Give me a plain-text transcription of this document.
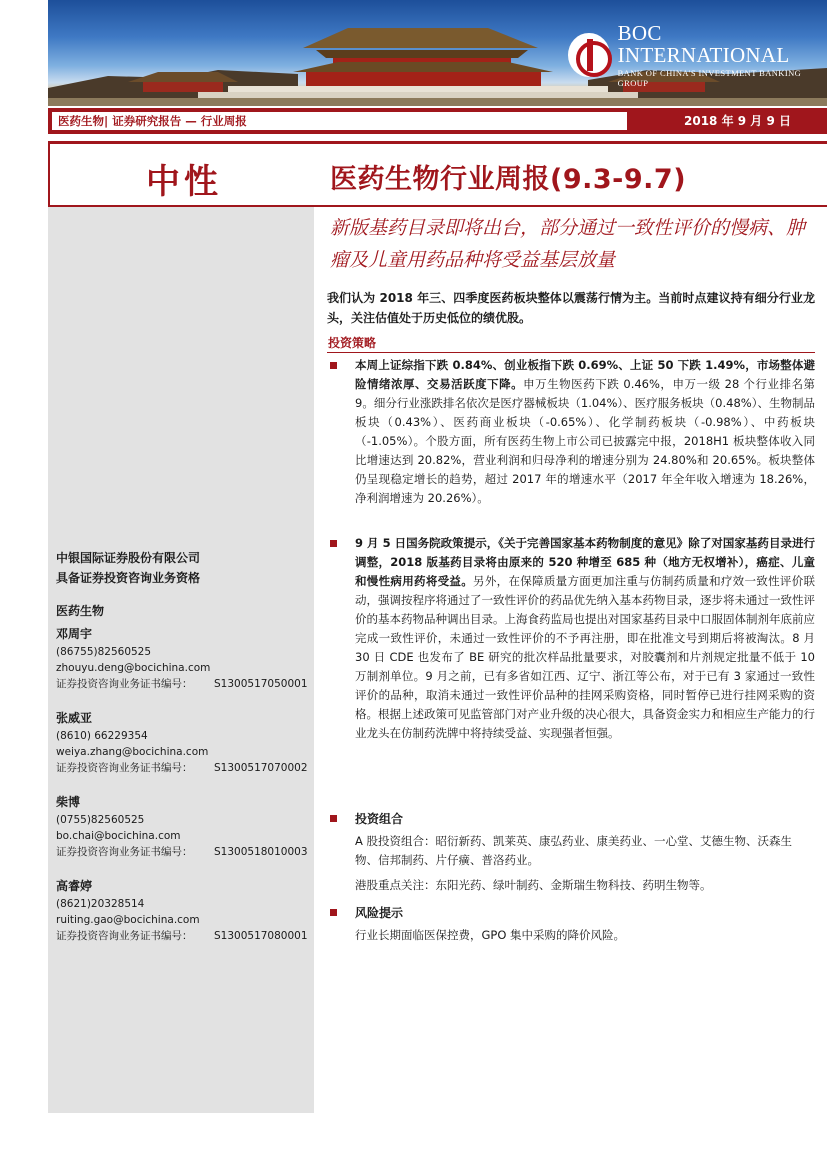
BOC INTERNATIONAL
BANK OF CHINA'S INVESTMENT BANKING GROUP
医药生物| 证券研究报告 — 行业周报	2018 年 9 月 9 日
中性
中银国际证券股份有限公司
具备证券投资咨询业务资格
医药生物
邓周宇
(86755)82560525
zhouyu.deng@bocichina.com
证券投资咨询业务证书编号：	S1300517050001
张威亚
(8610) 66229354
weiya.zhang@bocichina.com
证券投资咨询业务证书编号：	S1300517070002
柴博
(0755)82560525
bo.chai@bocichina.com
证券投资咨询业务证书编号：	S1300518010003
高睿婷
(8621)20328514
ruiting.gao@bocichina.com
证券投资咨询业务证书编号：	S1300517080001
医药生物行业周报(9.3-9.7)
新版基药目录即将出台，部分通过一致性评价的慢病、肿瘤及儿童用药品种将受益基层放量
我们认为 2018 年三、四季度医药板块整体以震荡行情为主。当前时点建议持有细分行业龙头，关注估值处于历史低位的绩优股。
投资策略
本周上证综指下跌 0.84%、创业板指下跌 0.69%、上证 50 下跌 1.49%，市场整体避险情绪浓厚、交易活跃度下降。申万生物医药下跌 0.46%，申万一级 28 个行业排名第 9。细分行业涨跌排名依次是医疗器械板块（1.04%）、医疗服务板块（0.48%）、生物制品板块（0.43%）、医药商业板块（-0.65%）、化学制药板块（-0.98%）、中药板块（-1.05%）。个股方面，所有医药生物上市公司已披露完中报，2018H1 板块整体收入同比增速达到 20.82%，营业利润和归母净利的增速分别为 24.80%和 20.65%。板块整体仍呈现稳定增长的趋势，超过 2017 年的增速水平（2017 年全年收入增速为 18.26%，净利润增速为 20.26%）。
9 月 5 日国务院政策提示，《关于完善国家基本药物制度的意见》除了对国家基药目录进行调整，2018 版基药目录将由原来的 520 种增至 685 种（地方无权增补），癌症、儿童和慢性病用药将受益。另外，在保障质量方面更加注重与仿制药质量和疗效一致性评价联动，强调按程序将通过了一致性评价的药品优先纳入基本药物目录，逐步将未通过一致性评价的基本药物品种调出目录。上海食药监局也提出对国家基药目录中口服固体制剂年底前应完成一致性评价，未通过一致性评价的不予再注册，即在批准文号到期后将被淘汰。8 月 30 日 CDE 也发布了 BE 研究的批次样品批量要求，对胶囊剂和片剂规定批量不低于 10 万制剂单位。9 月之前，已有多省如江西、辽宁、浙江等公布，对于已有 3 家通过一致性评价的品种，取消未通过一致性评价品种的挂网采购资格，同时暂停已进行挂网采购的资格。根据上述政策可见监管部门对产业升级的决心很大，具备资金实力和相应生产能力的行业龙头在仿制药洗牌中将持续受益、实现强者恒强。
投资组合
A 股投资组合：昭衍新药、凯莱英、康弘药业、康美药业、一心堂、艾德生物、沃森生物、信邦制药、片仔癀、普洛药业。
港股重点关注：东阳光药、绿叶制药、金斯瑞生物科技、药明生物等。
风险提示
行业长期面临医保控费，GPO 集中采购的降价风险。
